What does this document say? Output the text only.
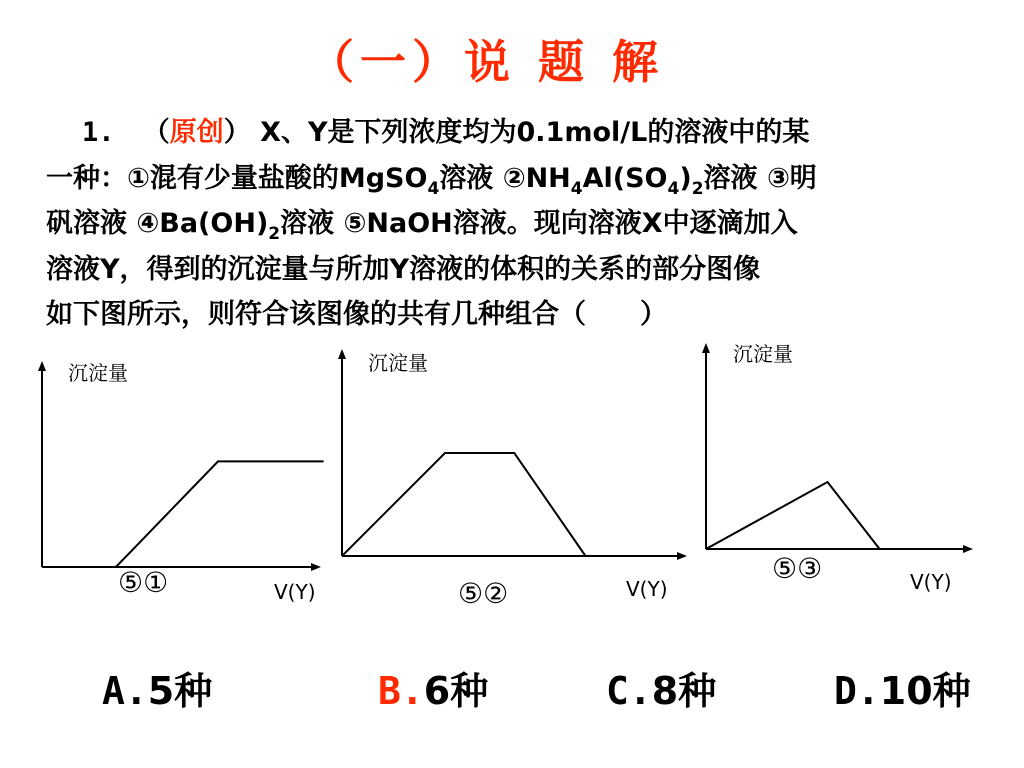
（一）说 题 解
1. （原创） X、Y是下列浓度均为0.1mol/L的溶液中的某
一种：①混有少量盐酸的MgSO$_4$溶液 $②NH_4Al(SO_4)_2$溶液 ③明
矾溶液 $④Ba(OH)_2$溶液 ⑤NaOH溶液。现向溶液X中逐滴加入
溶液Y，得到的沉淀量与所加Y溶液的体积的关系的部分图像
如下图所示，则符合该图像的共有几种组合（　　）
沉淀量
V(Y)
⑤①
沉淀量
V(Y)
⑤②
沉淀量
V(Y)
⑤③
A.5种	B.6种	C.8种	D.10种
